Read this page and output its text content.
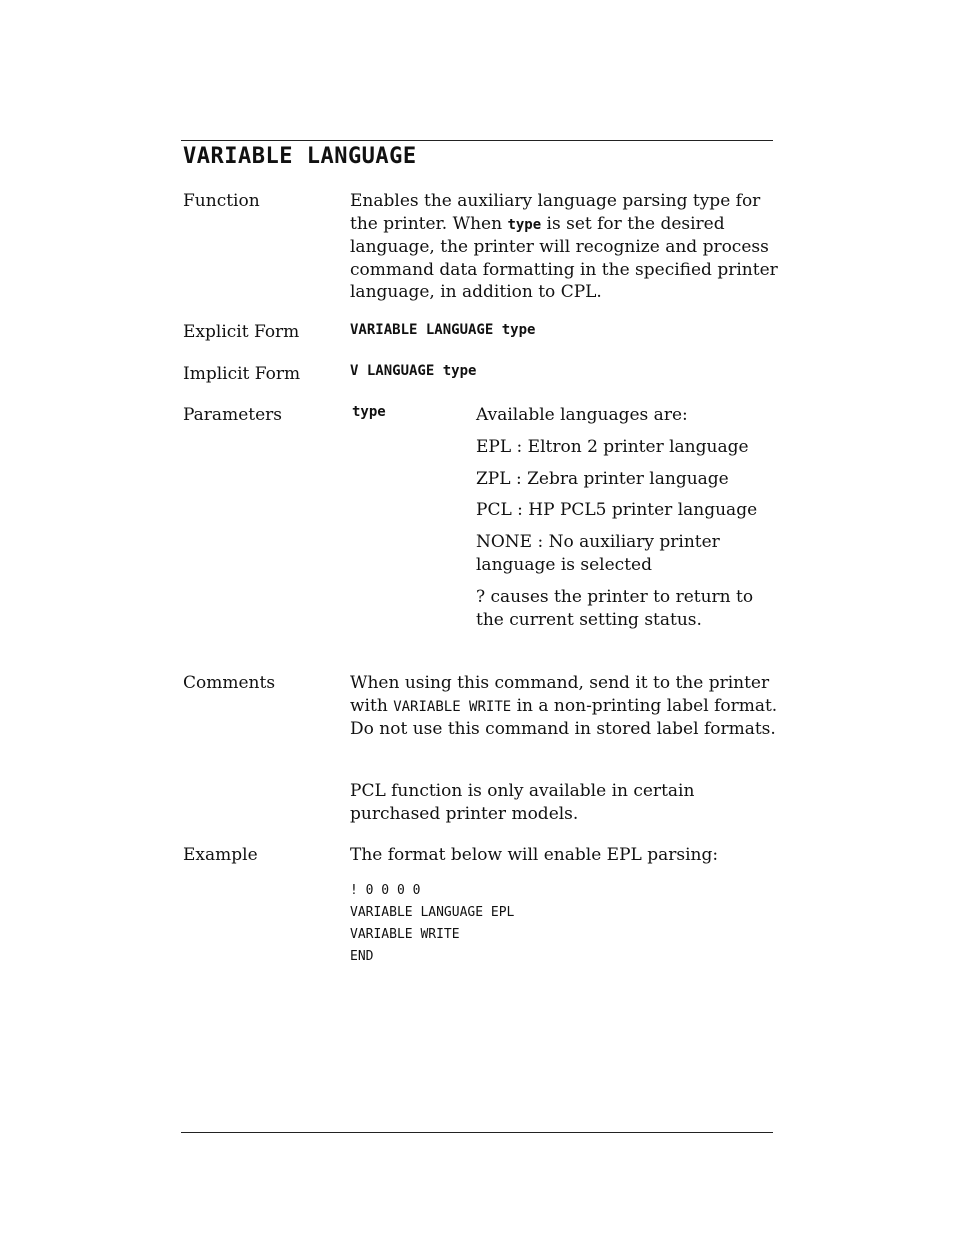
VARIABLE LANGUAGE
Function	Enables the auxiliary language parsing type for the printer. When type is set for the desired language, the printer will recognize and process command data formatting in the specified printer language, in addition to CPL.
Explicit Form	VARIABLE LANGUAGE type
Implicit Form	V LANGUAGE type
Parameters	type	Available languages are:
EPL : Eltron 2 printer language
ZPL : Zebra printer language
PCL : HP PCL5 printer language
NONE : No auxiliary printer language is selected
? causes the printer to return to the current setting status.
Comments	When using this command, send it to the printer with VARIABLE WRITE in a non-printing label format. Do not use this command in stored label formats.
PCL function is only available in certain purchased printer models.
Example	The format below will enable EPL parsing:
! 0 0 0 0
VARIABLE LANGUAGE EPL
VARIABLE WRITE
END
